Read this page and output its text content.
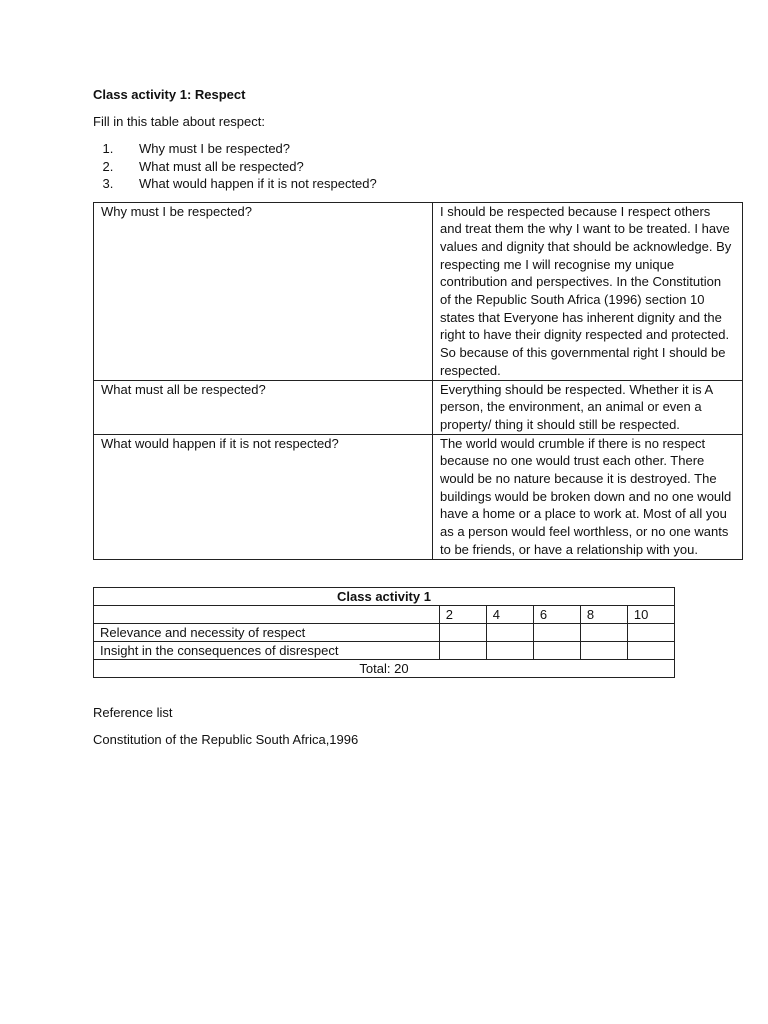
Class activity 1: Respect
Fill in this table about respect:
1. Why must I be respected?
2. What must all be respected?
3. What would happen if it is not respected?
Why must I be respected?	I should be respected because I respect others and treat them the why I want to be treated. I have values and dignity that should be acknowledge. By respecting me I will recognise my unique contribution and perspectives. In the Constitution of the Republic South Africa (1996) section 10 states that Everyone has inherent dignity and the right to have their dignity respected and protected. So because of this governmental right I should be respected.
What must all be respected?	Everything should be respected. Whether it is A person, the environment, an animal or even a property/ thing it should still be respected.
What would happen if it is not respected?	The world would crumble if there is no respect because no one would trust each other. There would be no nature because it is destroyed. The buildings would be broken down and no one would have a home or a place to work at. Most of all you as a person would feel worthless, or no one wants to be friends, or have a relationship with you.
Class activity 1					
	2	4	6	8	10
Relevance and necessity of respect					
Insight in the consequences of disrespect					
Total: 20					
Reference list
Constitution of the Republic South Africa,1996
